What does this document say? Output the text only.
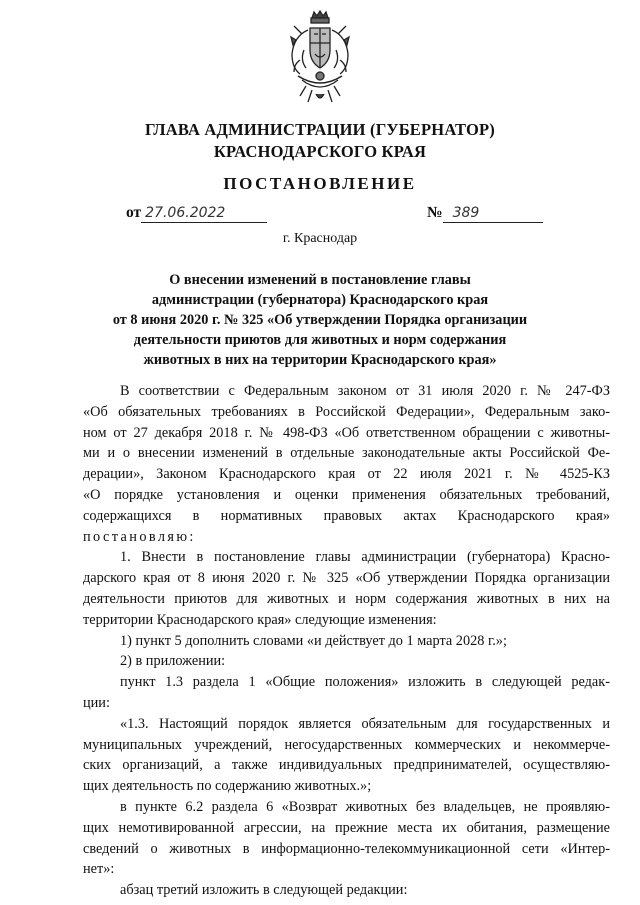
ГЛАВА АДМИНИСТРАЦИИ (ГУБЕРНАТОР)
КРАСНОДАРСКОГО КРАЯ
ПОСТАНОВЛЕНИЕ
от 27.06.2022	№ 389
г. Краснодар
О внесении изменений в постановление главы
администрации (губернатора) Краснодарского края
от 8 июня 2020 г. № 325 «Об утверждении Порядка организации
деятельности приютов для животных и норм содержания
животных в них на территории Краснодарского края»
В соответствии с Федеральным законом от 31 июля 2020 г. № 247-ФЗ
«Об обязательных требованиях в Российской Федерации», Федеральным зако-
ном от 27 декабря 2018 г. № 498-ФЗ «Об ответственном обращении с животны-
ми и о внесении изменений в отдельные законодательные акты Российской Фе-
дерации», Законом Краснодарского края от 22 июля 2021 г. № 4525-КЗ
«О порядке установления и оценки применения обязательных требований,
содержащихся в нормативных правовых актах Краснодарского края»
постановляю:
1. Внести в постановление главы администрации (губернатора) Красно-
дарского края от 8 июня 2020 г. № 325 «Об утверждении Порядка организации
деятельности приютов для животных и норм содержания животных в них на
территории Краснодарского края» следующие изменения:
1) пункт 5 дополнить словами «и действует до 1 марта 2028 г.»;
2) в приложении:
пункт 1.3 раздела 1 «Общие положения» изложить в следующей редак-
ции:
«1.3. Настоящий порядок является обязательным для государственных и
муниципальных учреждений, негосударственных коммерческих и некоммерче-
ских организаций, а также индивидуальных предпринимателей, осуществляю-
щих деятельность по содержанию животных.»;
в пункте 6.2 раздела 6 «Возврат животных без владельцев, не проявляю-
щих немотивированной агрессии, на прежние места их обитания, размещение
сведений о животных в информационно-телекоммуникационной сети «Интер-
нет»:
абзац третий изложить в следующей редакции:
